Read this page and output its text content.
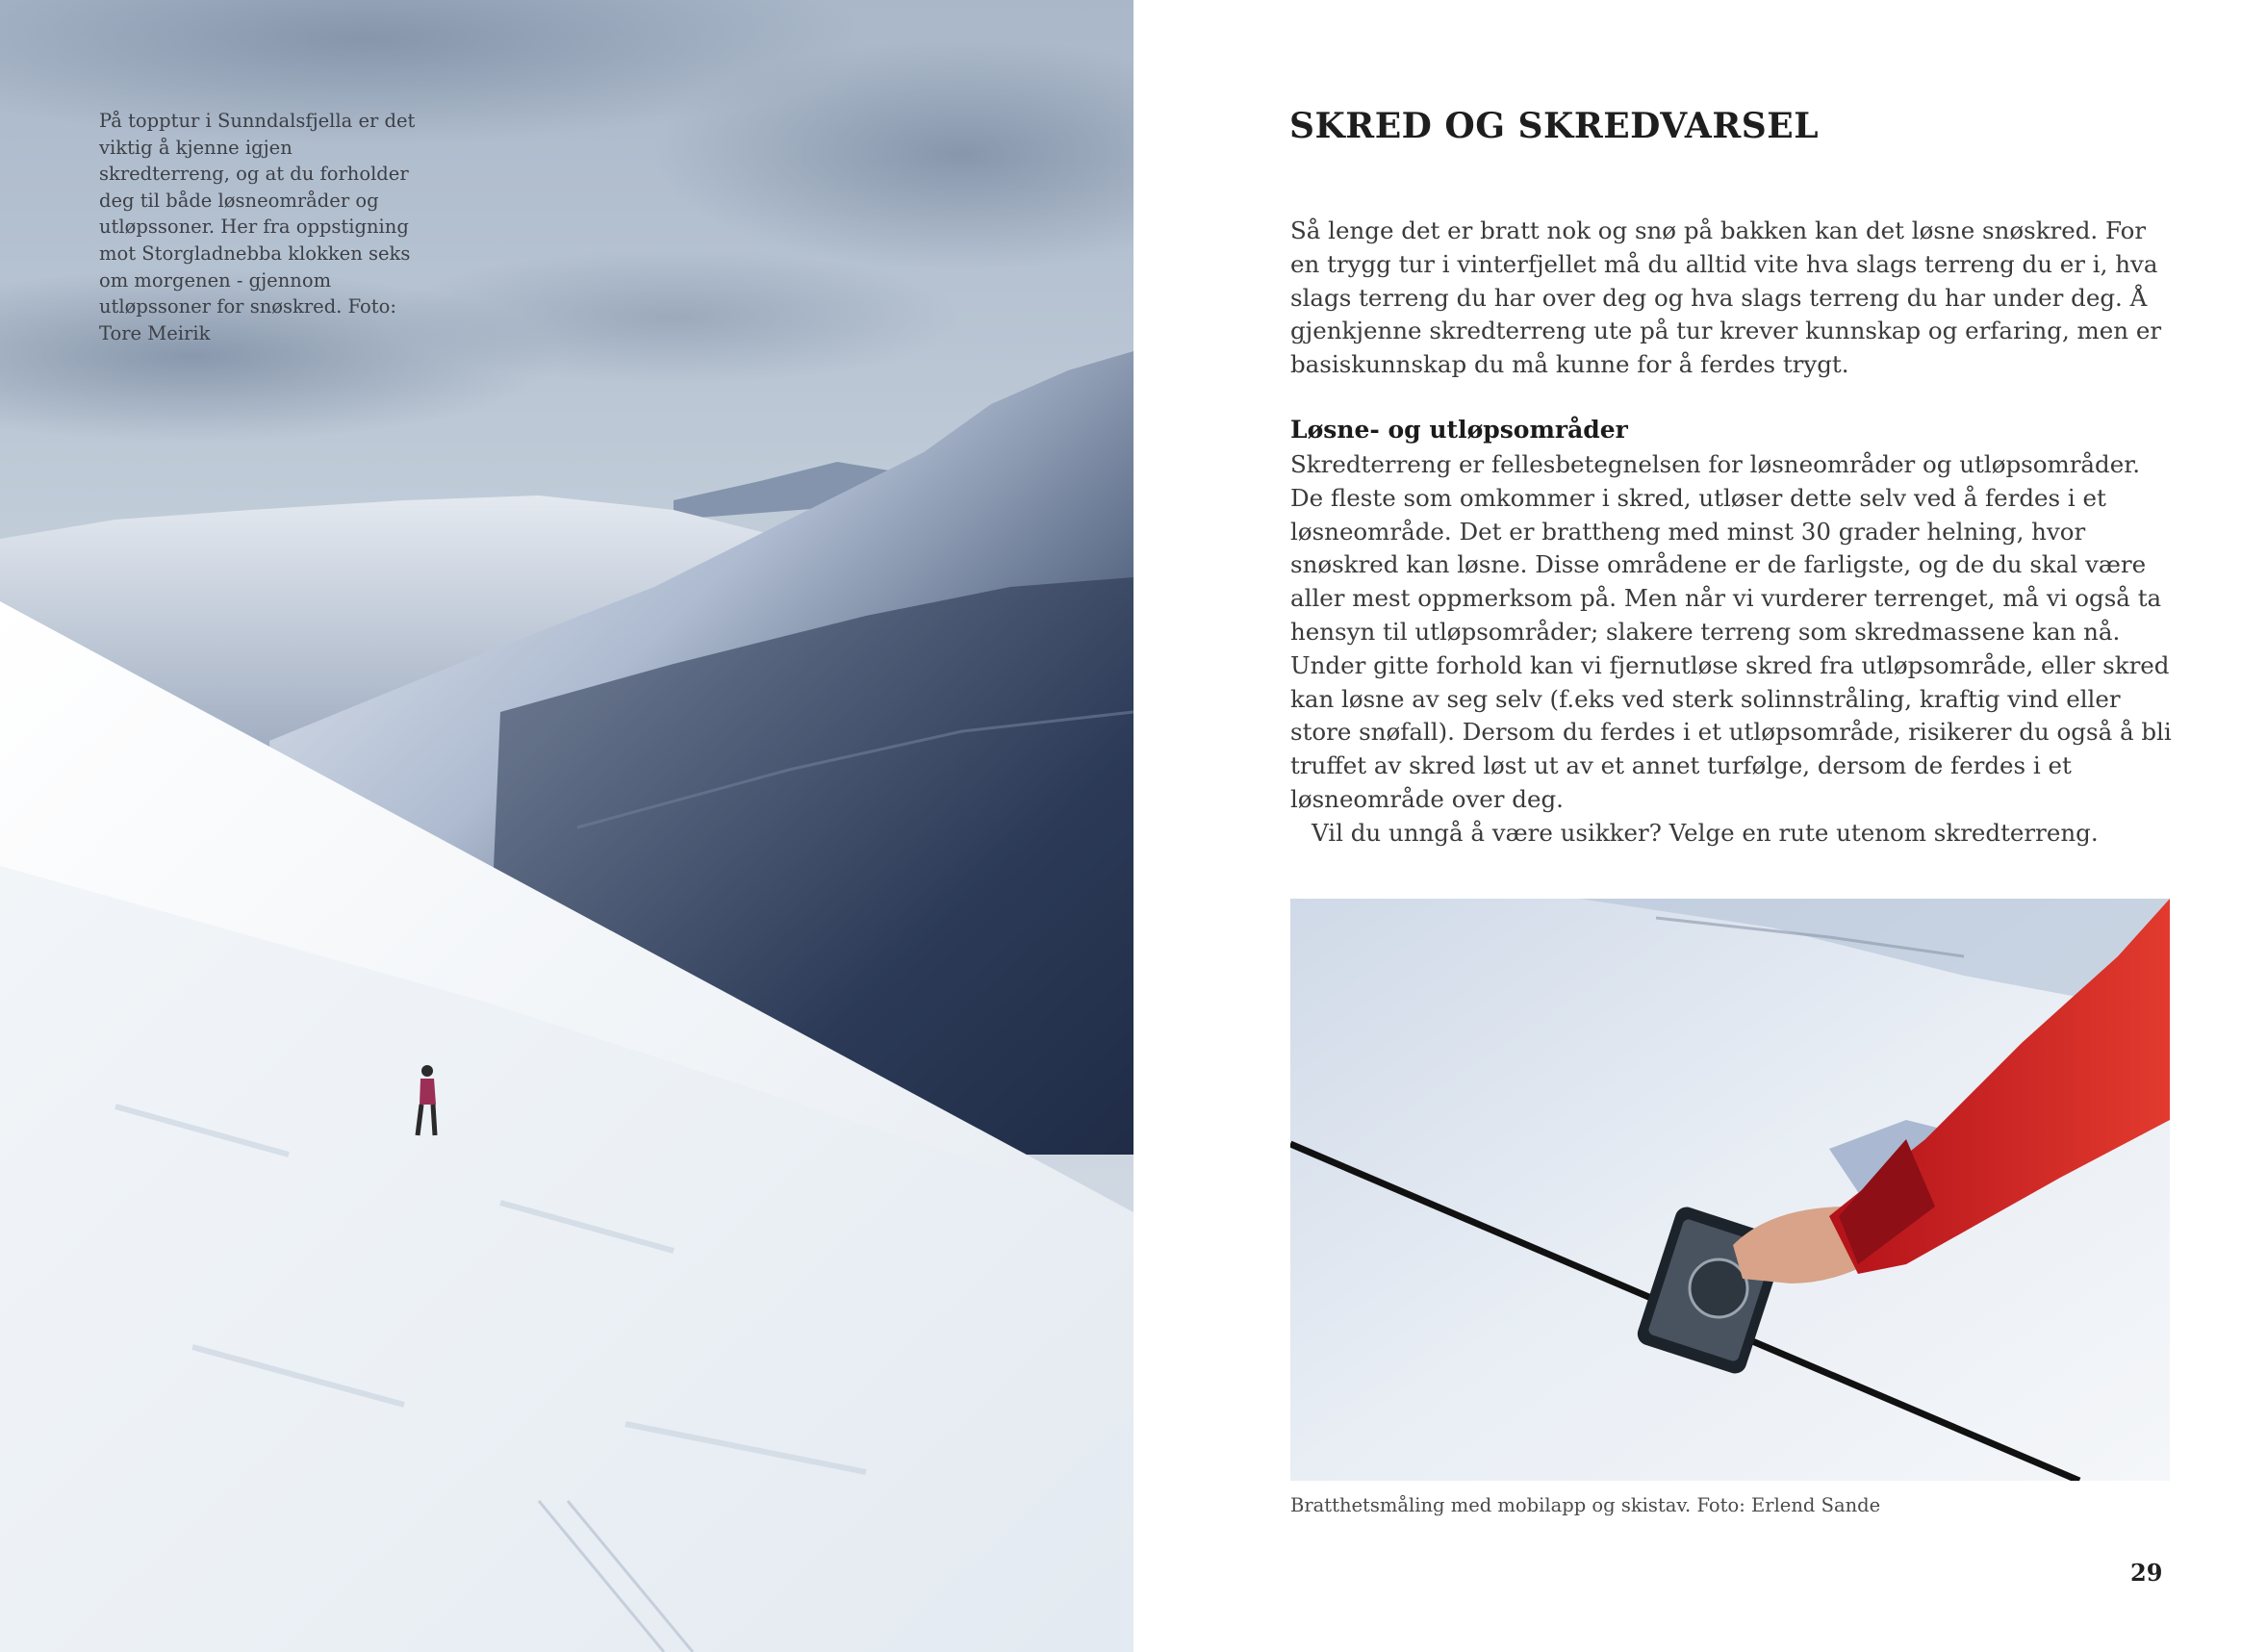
På topptur i Sunndalsfjella er det viktig å kjenne igjen skredterreng, og at du forholder deg til både løsneområder og utløpssoner. Her fra oppstigning mot Storgladnebba klokken seks om morgenen - gjennom utløpssoner for snøskred. Foto: Tore Meirik
SKRED OG SKREDVARSEL

Så lenge det er bratt nok og snø på bakken kan det løsne snøskred. For en trygg tur i vinterfjellet må du alltid vite hva slags terreng du er i, hva slags terreng du har over deg og hva slags terreng du har under deg. Å gjenkjenne skredterreng ute på tur krever kunnskap og erfaring, men er basiskunnskap du må kunne for å ferdes trygt.

Løsne- og utløpsområder

Skredterreng er fellesbetegnelsen for løsneområder og utløpsområder. De fleste som omkommer i skred, utløser dette selv ved å ferdes i et løsneområde. Det er brattheng med minst 30 grader helning, hvor snøskred kan løsne. Disse områdene er de farligste, og de du skal være aller mest oppmerksom på. Men når vi vurderer terrenget, må vi også ta hensyn til utløpsområder; slakere terreng som skredmassene kan nå. Under gitte forhold kan vi fjernutløse skred fra utløpsområde, eller skred kan løsne av seg selv (f.eks ved sterk solinnstråling, kraftig vind eller store snøfall). Dersom du ferdes i et utløpsområde, risikerer du også å bli truffet av skred løst ut av et annet turfølge, dersom de ferdes i et løsneområde over deg.
Vil du unngå å være usikker? Velge en rute utenom skredterreng.

Bratthetsmåling med mobilapp og skistav. Foto: Erlend Sande
29
